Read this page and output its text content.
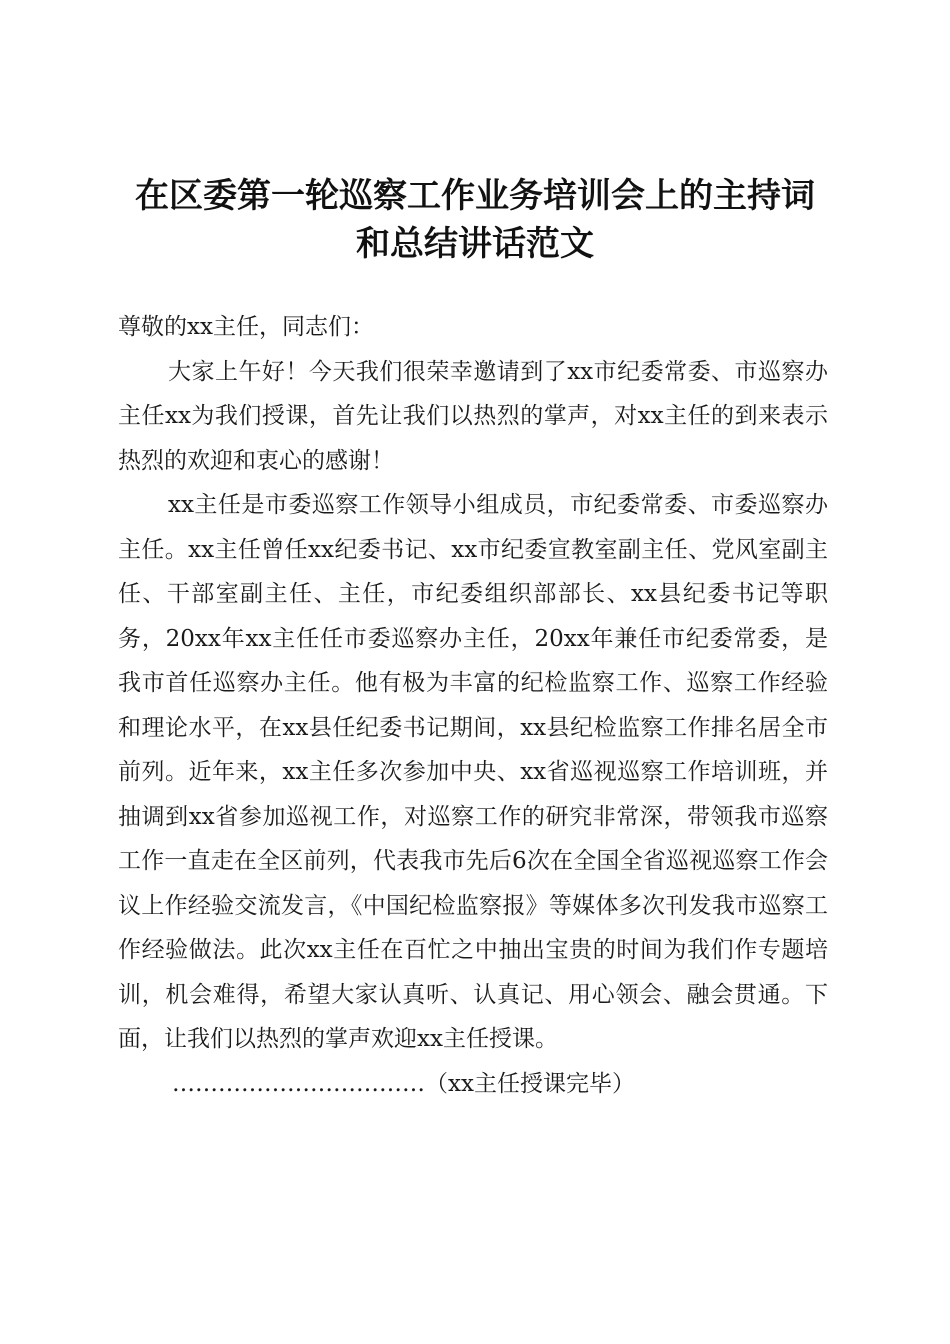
在区委第一轮巡察工作业务培训会上的主持词
和总结讲话范文

尊敬的xx主任，同志们：

大家上午好！今天我们很荣幸邀请到了xx市纪委常委、市巡察办主任xx为我们授课，首先让我们以热烈的掌声，对xx主任的到来表示热烈的欢迎和衷心的感谢！

xx主任是市委巡察工作领导小组成员，市纪委常委、市委巡察办主任。xx主任曾任xx纪委书记、xx市纪委宣教室副主任、党风室副主任、干部室副主任、主任，市纪委组织部部长、xx县纪委书记等职务，20xx年xx主任任市委巡察办主任，20xx年兼任市纪委常委，是我市首任巡察办主任。他有极为丰富的纪检监察工作、巡察工作经验和理论水平，在xx县任纪委书记期间，xx县纪检监察工作排名居全市前列。近年来，xx主任多次参加中央、xx省巡视巡察工作培训班，并抽调到xx省参加巡视工作，对巡察工作的研究非常深，带领我市巡察工作一直走在全区前列，代表我市先后6次在全国全省巡视巡察工作会议上作经验交流发言，《中国纪检监察报》等媒体多次刊发我市巡察工作经验做法。此次xx主任在百忙之中抽出宝贵的时间为我们作专题培训，机会难得，希望大家认真听、认真记、用心领会、融会贯通。下面，让我们以热烈的掌声欢迎xx主任授课。

……………………………（xx主任授课完毕）
